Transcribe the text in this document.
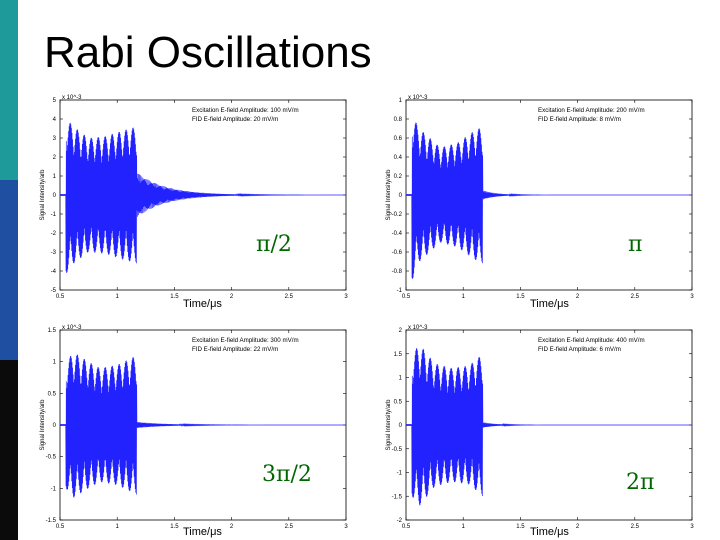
Rabi Oscillations
-5
-4
-3
-2
-1
0
1
2
3
4
5
0.5	1	1.5	2	2.5	3
x 10^-3
Signal Intensity/arb
Excitation E-field Amplitude: 100 mV/m
FID E-field Amplitude: 20 mV/m
-1
-0.8
-0.6
-0.4
-0.2
0
0.2
0.4
0.6
0.8
1
0.5	1	1.5	2	2.5	3
x 10^-3
Signal Intensity/arb
Excitation E-field Amplitude: 200 mV/m
FID E-field Amplitude: 8 mV/m
-1.5
-1
-0.5
0
0.5
1
1.5
0.5	1	1.5	2	2.5	3
x 10^-3
Signal Intensity/arb
Excitation E-field Amplitude: 300 mV/m
FID E-field Amplitude: 22 mV/m
-2
-1.5
-1
-0.5
0
0.5
1
1.5
2
0.5	1	1.5	2	2.5	3
x 10^-3
Signal Intensity/arb
Excitation E-field Amplitude: 400 mV/m
FID E-field Amplitude: 6 mV/m
Time/μs	Time/μs
Time/μs	Time/μs
π/2	π
3π/2	2π
